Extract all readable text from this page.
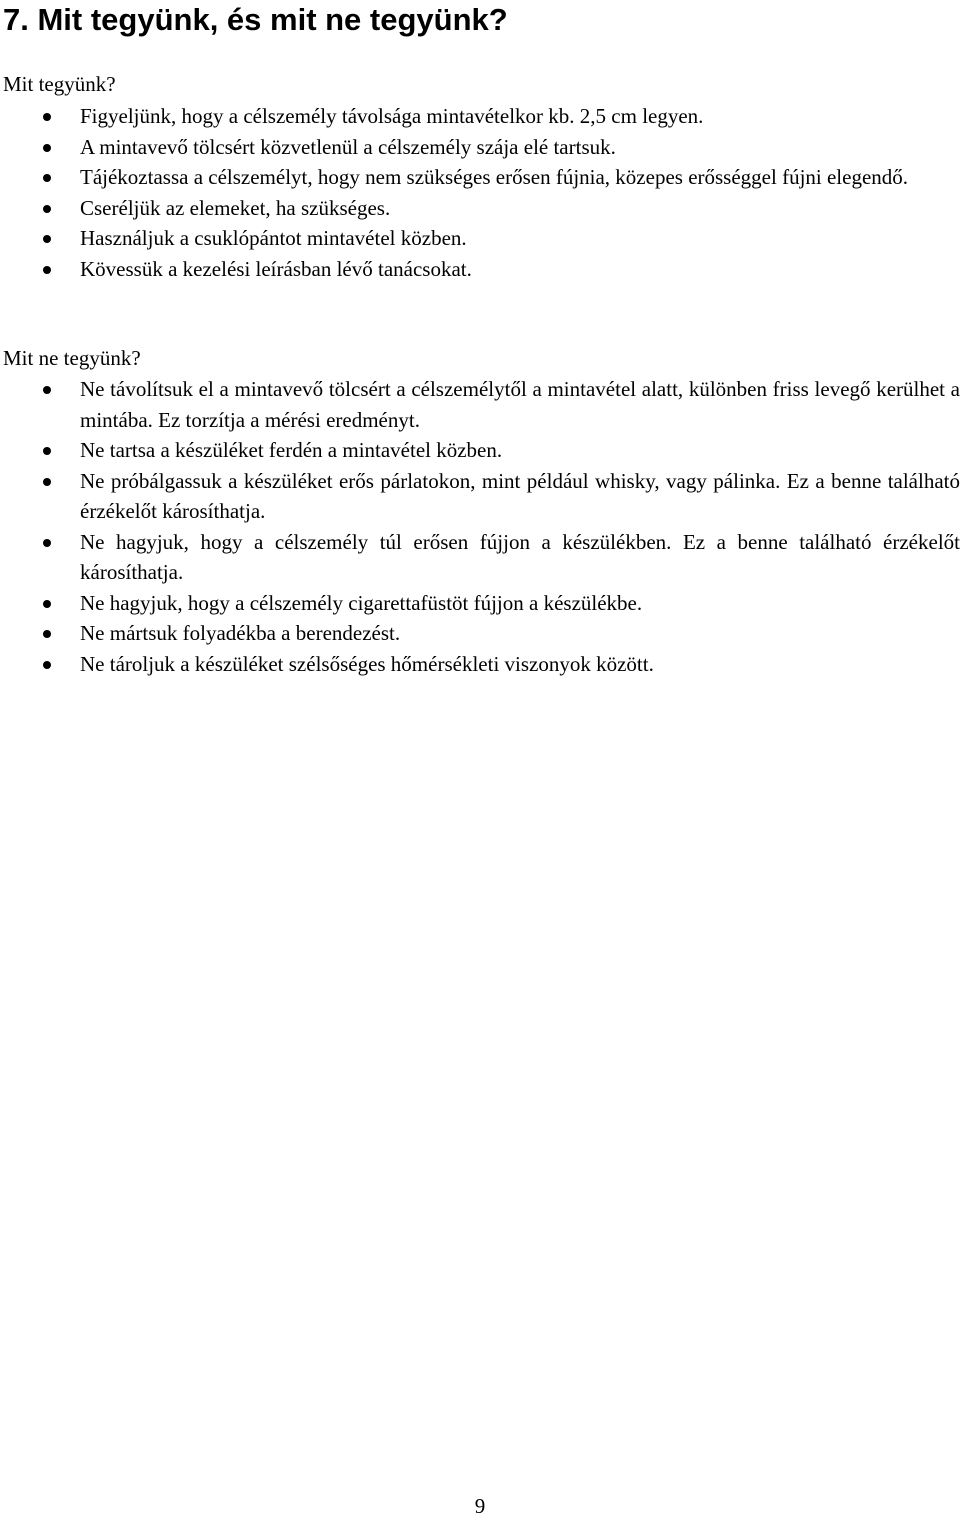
7. Mit tegyünk, és mit ne tegyünk?

Mit tegyünk?

Figyeljünk, hogy a célszemély távolsága mintavételkor kb. 2,5 cm legyen.
A mintavevő tölcsért közvetlenül a célszemély szája elé tartsuk.
Tájékoztassa a célszemélyt, hogy nem szükséges erősen fújnia, közepes erősséggel fújni elegendő.
Cseréljük az elemeket, ha szükséges.
Használjuk a csuklópántot mintavétel közben.
Kövessük a kezelési leírásban lévő tanácsokat.

Mit ne tegyünk?

Ne távolítsuk el a mintavevő tölcsért a célszemélytől a mintavétel alatt, különben friss levegő kerülhet a mintába. Ez torzítja a mérési eredményt.
Ne tartsa a készüléket ferdén a mintavétel közben.
Ne próbálgassuk a készüléket erős párlatokon, mint például whisky, vagy pálinka. Ez a benne található érzékelőt károsíthatja.
Ne hagyjuk, hogy a célszemély túl erősen fújjon a készülékben. Ez a benne található érzékelőt károsíthatja.
Ne hagyjuk, hogy a célszemély cigarettafüstöt fújjon a készülékbe.
Ne mártsuk folyadékba a berendezést.
Ne tároljuk a készüléket szélsőséges hőmérsékleti viszonyok között.
9
